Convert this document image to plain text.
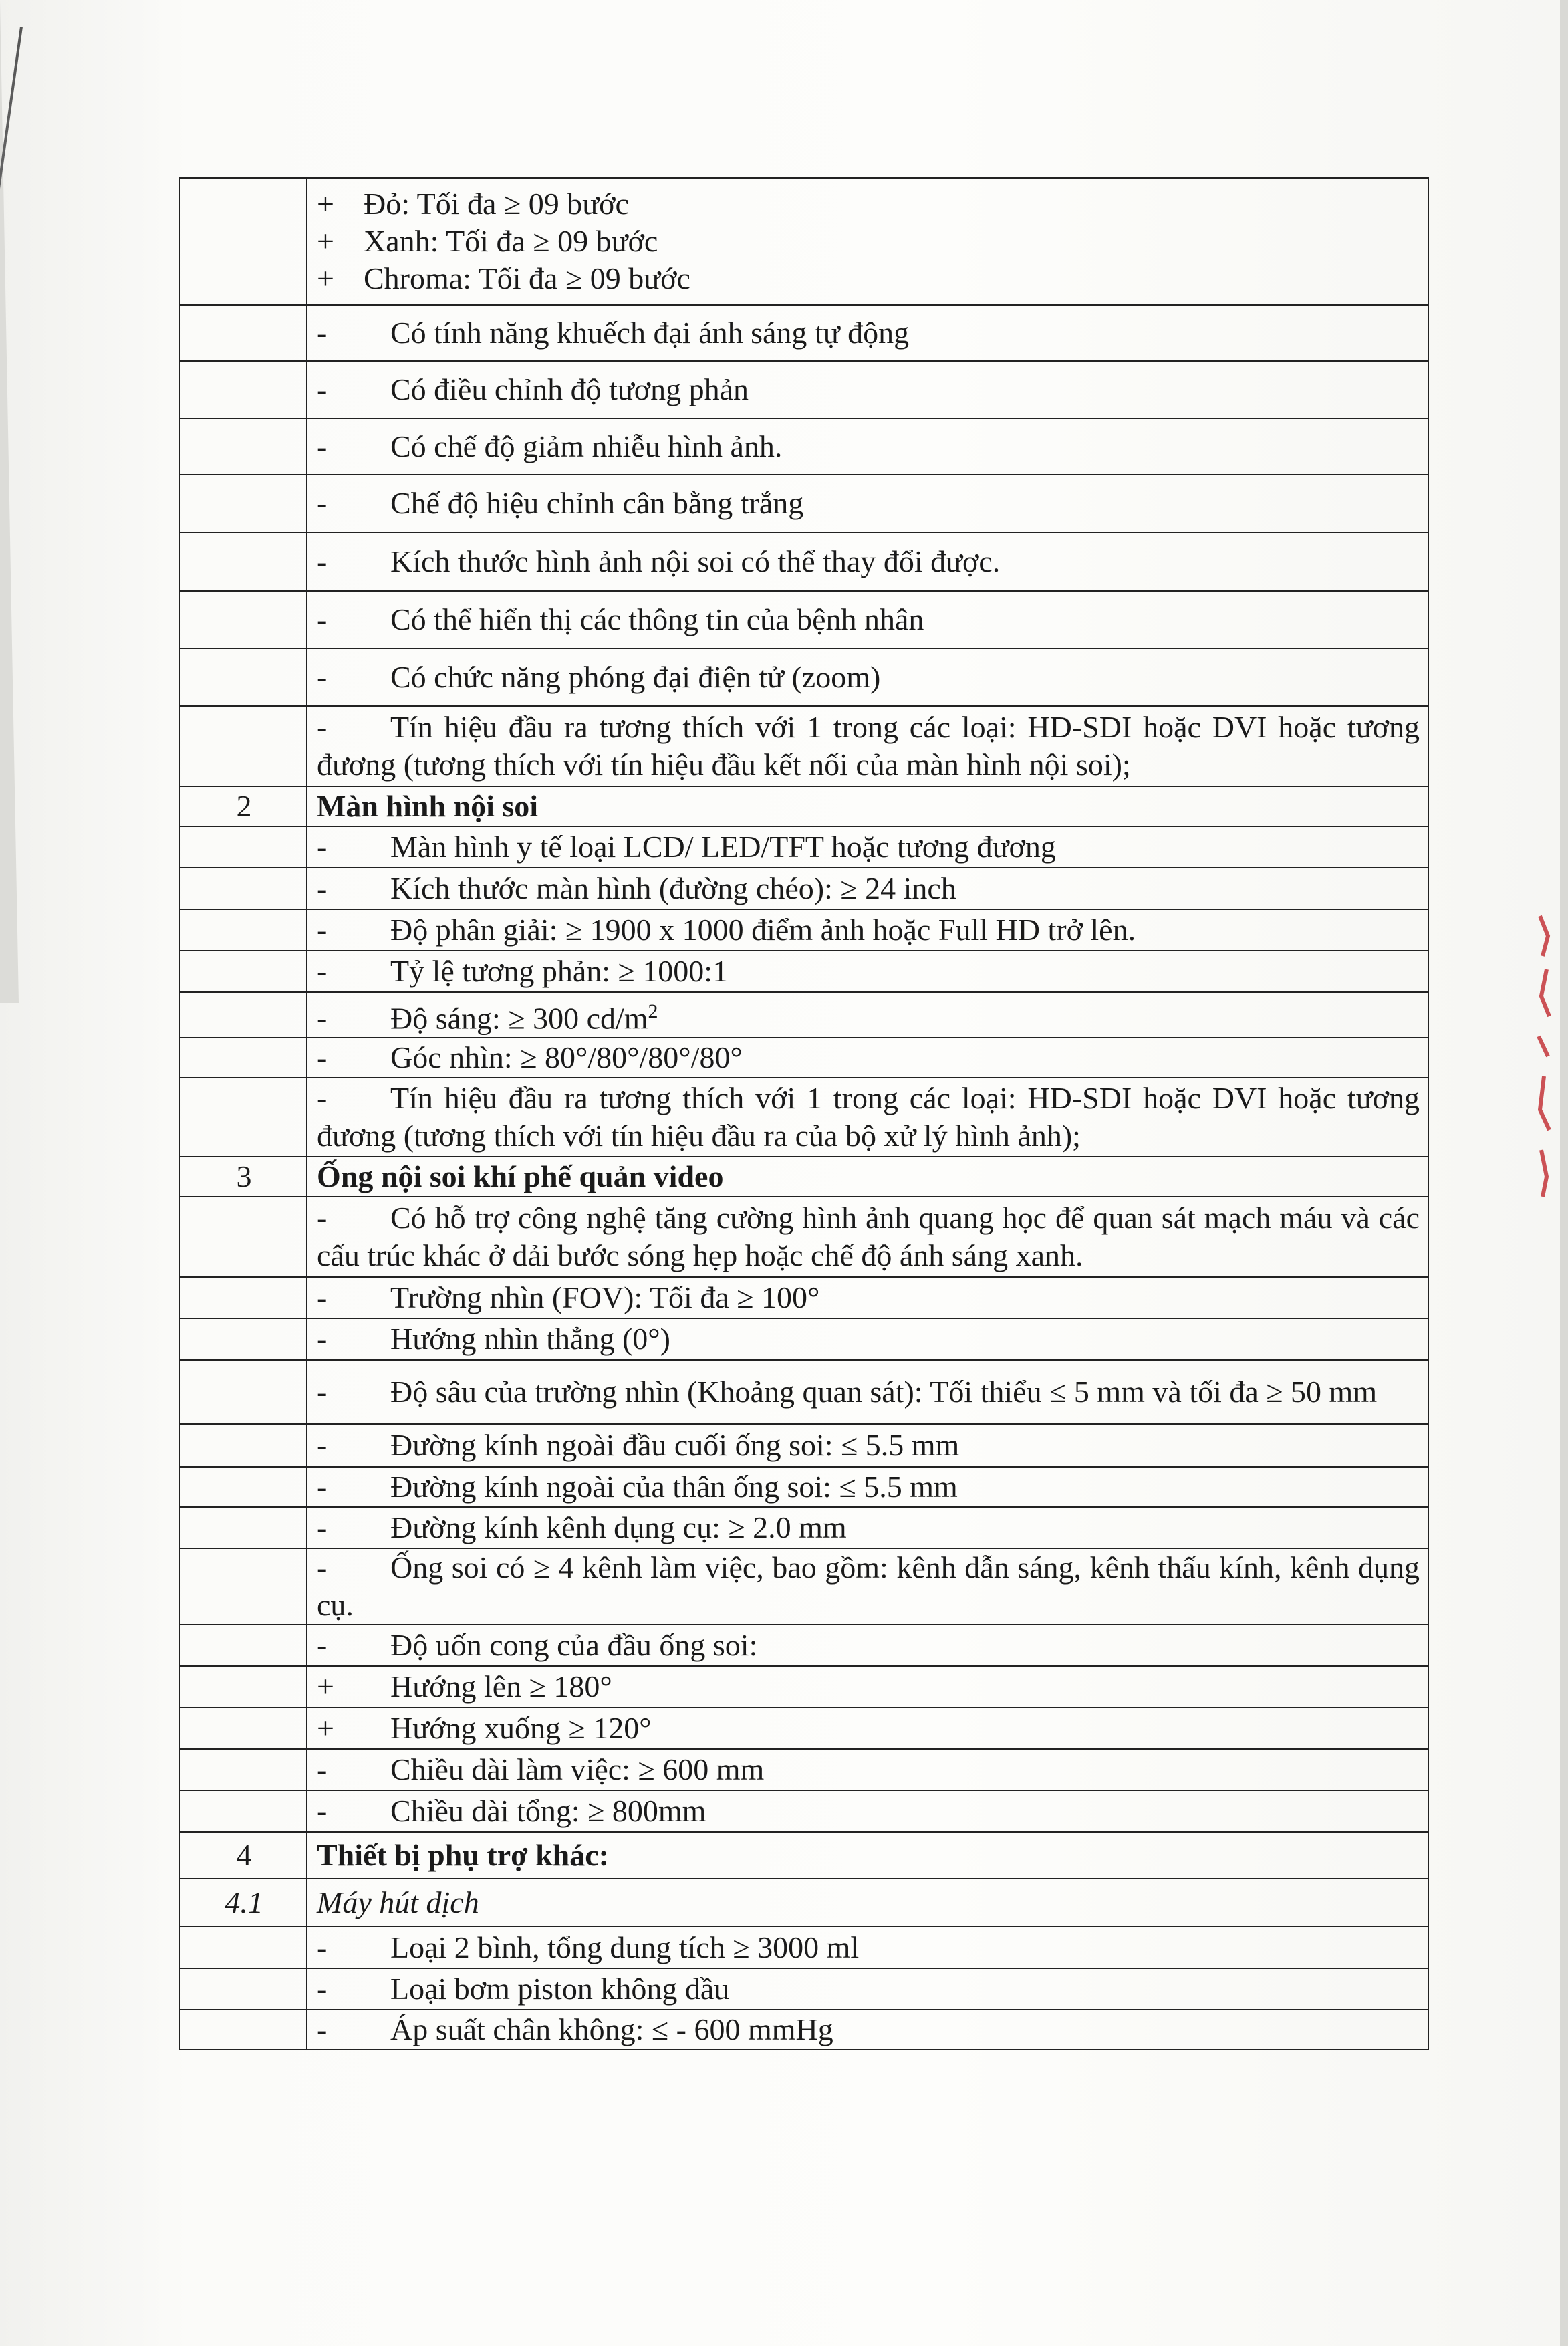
	+ Đỏ: Tối đa ≥ 09 bước
+ Xanh: Tối đa ≥ 09 bước
+ Chroma: Tối đa ≥ 09 bước

	- Có tính năng khuếch đại ánh sáng tự động
	- Có điều chỉnh độ tương phản
	- Có chế độ giảm nhiễu hình ảnh.
	- Chế độ hiệu chỉnh cân bằng trắng
	- Kích thước hình ảnh nội soi có thể thay đổi được.
	- Có thể hiển thị các thông tin của bệnh nhân
	- Có chức năng phóng đại điện tử (zoom)
	- Tín hiệu đầu ra tương thích với 1 trong các loại: HD-SDI hoặc DVI hoặc tương đương (tương thích với tín hiệu đầu kết nối của màn hình nội soi);
2	Màn hình nội soi
	- Màn hình y tế loại LCD/ LED/TFT hoặc tương đương
	- Kích thước màn hình (đường chéo): ≥ 24 inch
	- Độ phân giải: ≥ 1900 x 1000 điểm ảnh hoặc Full HD trở lên.
	- Tỷ lệ tương phản: ≥ 1000:1
	- Độ sáng: ≥ 300 $cd/m^2$
	- Góc nhìn: ≥ 80°/80°/80°/80°
	- Tín hiệu đầu ra tương thích với 1 trong các loại: HD-SDI hoặc DVI hoặc tương đương (tương thích với tín hiệu đầu ra của bộ xử lý hình ảnh);
3	Ống nội soi khí phế quản video
	- Có hỗ trợ công nghệ tăng cường hình ảnh quang học để quan sát mạch máu và các cấu trúc khác ở dải bước sóng hẹp hoặc chế độ ánh sáng xanh.
	- Trường nhìn (FOV): Tối đa ≥ 100°
	- Hướng nhìn thẳng (0°)
	- Độ sâu của trường nhìn (Khoảng quan sát): Tối thiểu ≤ 5 mm và tối đa ≥ 50 mm
	- Đường kính ngoài đầu cuối ống soi: ≤ 5.5 mm
	- Đường kính ngoài của thân ống soi: ≤ 5.5 mm
	- Đường kính kênh dụng cụ: ≥ 2.0 mm
	- Ống soi có ≥ 4 kênh làm việc, bao gồm: kênh dẫn sáng, kênh thấu kính, kênh dụng cụ.
	- Độ uốn cong của đầu ống soi:
	+ Hướng lên ≥ 180°
	+ Hướng xuống ≥ 120°
	- Chiều dài làm việc: ≥ 600 mm
	- Chiều dài tổng: ≥ 800mm
4	Thiết bị phụ trợ khác:
4.1	Máy hút dịch
	- Loại 2 bình, tổng dung tích ≥ 3000 ml
	- Loại bơm piston không dầu
	- Áp suất chân không: ≤ - 600 mmHg
